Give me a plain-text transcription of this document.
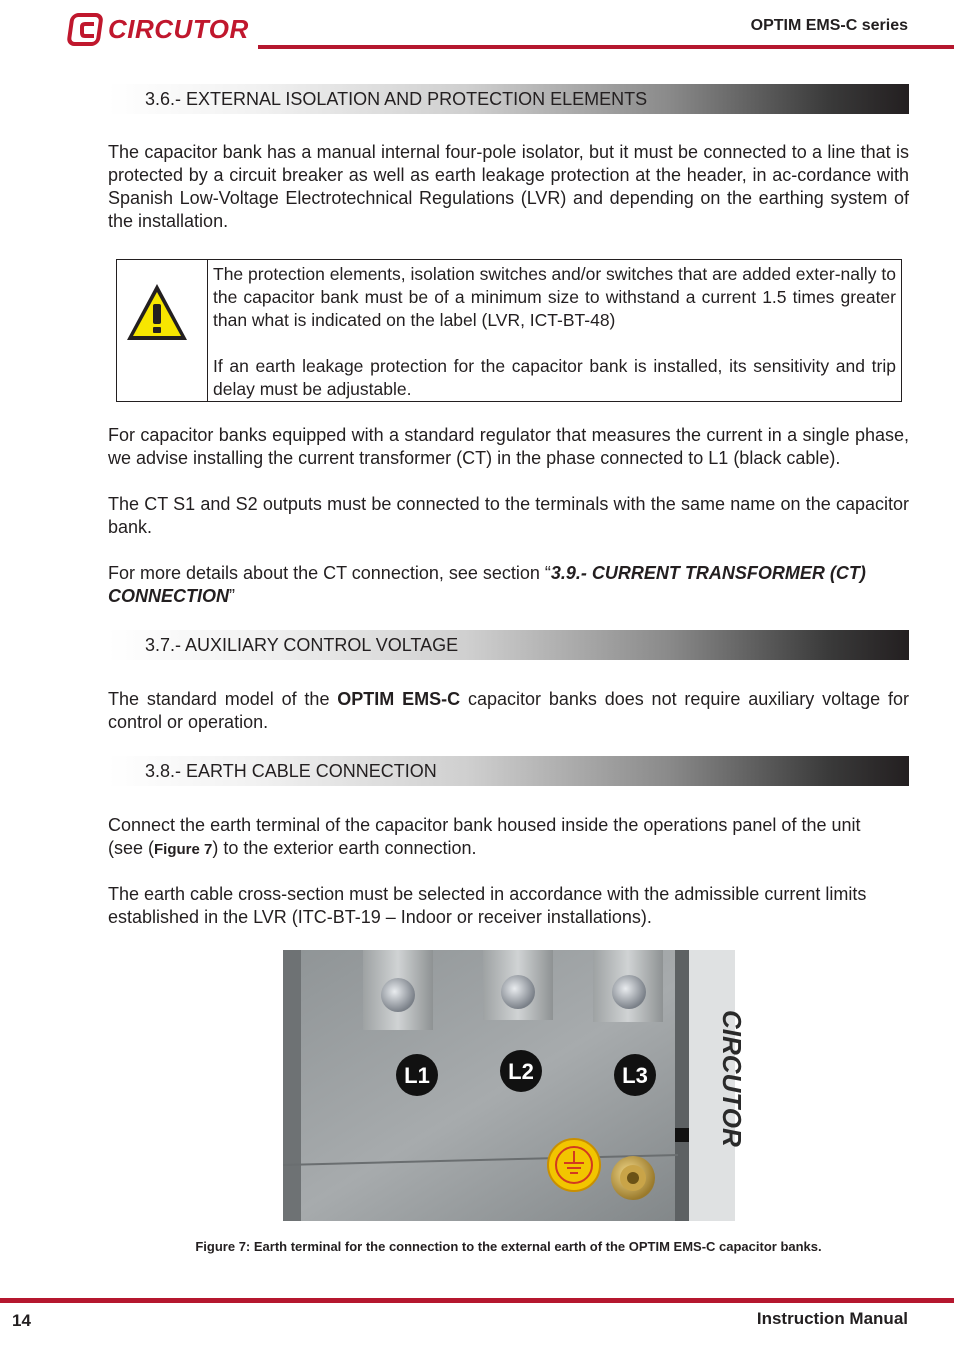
CIRCUTOR	OPTIM EMS-C series
3.6.- EXTERNAL ISOLATION AND PROTECTION ELEMENTS
The capacitor bank has a manual internal four-pole isolator, but it must be connected to a line that is protected by a circuit breaker as well as earth leakage protection at the header, in ac-cordance with Spanish Low-Voltage Electrotechnical Regulations (LVR) and depending on the earthing system of the installation.

The protection elements, isolation switches and/or switches that are added exter-nally to the capacitor bank must be of a minimum size to withstand a current 1.5 times greater than what is indicated on the label (LVR, ICT-BT-48)

If an earth leakage protection for the capacitor bank is installed, its sensitivity and trip delay must be adjustable.

For capacitor banks equipped with a standard regulator that measures the current in a single phase, we advise installing the current transformer (CT) in the phase connected to L1 (black cable).
The CT S1 and S2 outputs must be connected to the terminals with the same name on the capacitor bank.
For more details about the CT connection, see section “3.9.- CURRENT TRANSFORMER (CT) CONNECTION”
3.7.- AUXILIARY CONTROL VOLTAGE
The standard model of the OPTIM EMS-C capacitor banks does not require auxiliary voltage for control or operation.
3.8.- EARTH CABLE CONNECTION
Connect the earth terminal of the capacitor bank housed inside the operations panel of the unit (see (Figure 7) to the exterior earth connection.
The earth cable cross-section must be selected in accordance with the admissible current limits established in the LVR (ITC-BT-19 – Indoor or receiver installations).
L1	L2	L3	CIRCUTOR
Figure 7: Earth terminal for the connection to the external earth of the OPTIM EMS-C capacitor banks.
14	Instruction Manual
